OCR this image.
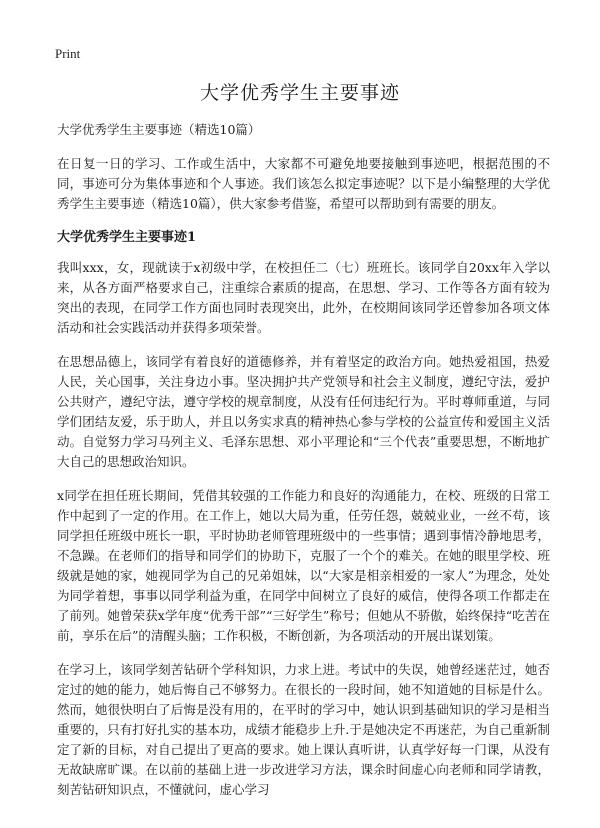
Print
大学优秀学生主要事迹
大学优秀学生主要事迹（精选10篇）

在日复一日的学习、工作或生活中，大家都不可避免地要接触到事迹吧，根据范围的不同，事迹可分为集体事迹和个人事迹。我们该怎么拟定事迹呢？以下是小编整理的大学优秀学生主要事迹（精选10篇），供大家参考借鉴，希望可以帮助到有需要的朋友。

大学优秀学生主要事迹1

我叫xxx，女，现就读于x初级中学，在校担任二（七）班班长。该同学自20xx年入学以来，从各方面严格要求自己，注重综合素质的提高，在思想、学习、工作等各方面有较为突出的表现，在同学工作方面也同时表现突出，此外，在校期间该同学还曾参加各项文体活动和社会实践活动并获得多项荣誉。

在思想品德上，该同学有着良好的道德修养，并有着坚定的政治方向。她热爱祖国，热爱人民，关心国事，关注身边小事。坚决拥护共产党领导和社会主义制度，遵纪守法，爱护公共财产，遵纪守法，遵守学校的规章制度，从没有任何违纪行为。平时尊师重道，与同学们团结友爱，乐于助人，并且以务实求真的精神热心参与学校的公益宣传和爱国主义活动。自觉努力学习马列主义、毛泽东思想、邓小平理论和“三个代表”重要思想，不断地扩大自己的思想政治知识。

x同学在担任班长期间，凭借其较强的工作能力和良好的沟通能力，在校、班级的日常工作中起到了一定的作用。在工作上，她以大局为重，任劳任怨，兢兢业业，一丝不苟，该同学担任班级中班长一职，平时协助老师管理班级中的一些事情；遇到事情冷静地思考，不急躁。在老师们的指导和同学们的协助下，克服了一个个的难关。在她的眼里学校、班级就是她的家，她视同学为自己的兄弟姐妹，以“大家是相亲相爱的一家人”为理念，处处为同学着想，事事以同学利益为重，在同学中间树立了良好的威信，使得各项工作都走在了前列。她曾荣获x学年度“优秀干部”“三好学生”称号；但她从不骄傲，始终保持“吃苦在前，享乐在后”的清醒头脑；工作积极，不断创新，为各项活动的开展出谋划策。

在学习上，该同学刻苦钻研个学科知识，力求上进。考试中的失误，她曾经迷茫过，她否定过的她的能力，她后悔自己不够努力。在很长的一段时间，她不知道她的目标是什么。然而，她很快明白了后悔是没有用的，在平时的学习中，她认识到基础知识的学习是相当重要的，只有打好扎实的基本功，成绩才能稳步上升.于是她决定不再迷茫，为自己重新制定了新的目标，对自己提出了更高的要求。她上课认真听讲，认真学好每一门课，从没有无故缺席旷课。在以前的基础上进一步改进学习方法，课余时间虚心向老师和同学请教，刻苦钻研知识点，不懂就问，虚心学习
